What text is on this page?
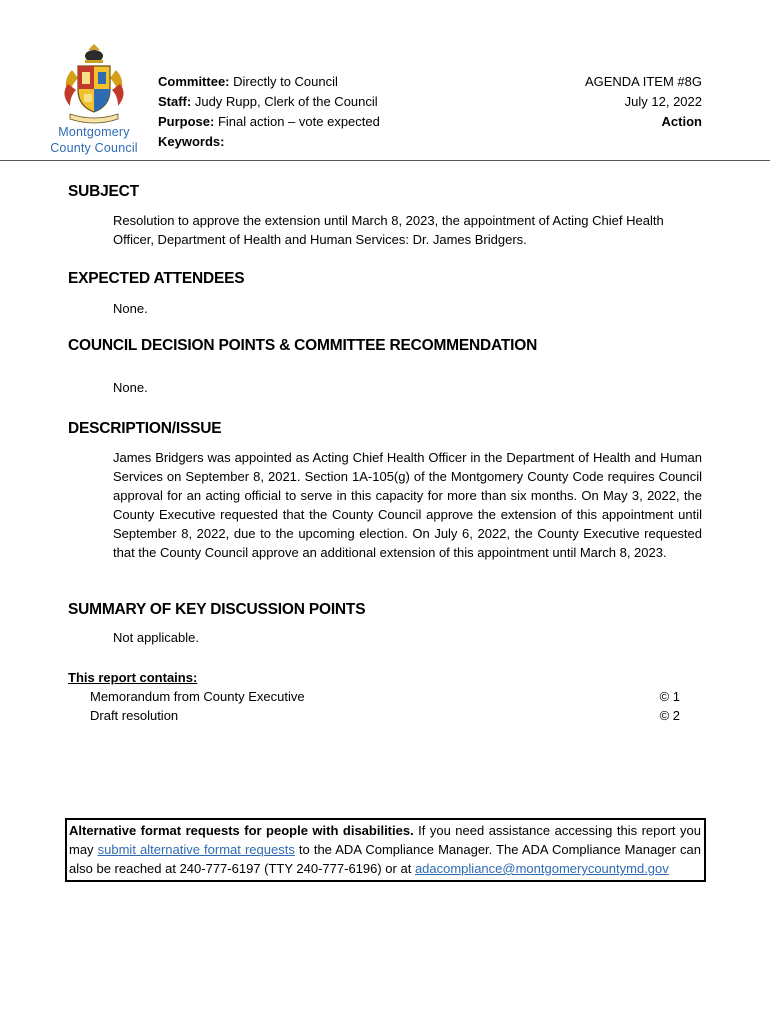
Montgomery
County Council
Committee: Directly to Council
Staff: Judy Rupp, Clerk of the Council
Purpose: Final action – vote expected
Keywords:
AGENDA ITEM #8G
July 12, 2022
Action
SUBJECT
Resolution to approve the extension until March 8, 2023, the appointment of Acting Chief Health Officer, Department of Health and Human Services: Dr. James Bridgers.
EXPECTED ATTENDEES
None.
COUNCIL DECISION POINTS & COMMITTEE RECOMMENDATION
None.
DESCRIPTION/ISSUE
James Bridgers was appointed as Acting Chief Health Officer in the Department of Health and Human Services on September 8, 2021. Section 1A-105(g) of the Montgomery County Code requires Council approval for an acting official to serve in this capacity for more than six months. On May 3, 2022, the County Executive requested that the County Council approve the extension of this appointment until September 8, 2022, due to the upcoming election. On July 6, 2022, the County Executive requested that the County Council approve an additional extension of this appointment until March 8, 2023.
SUMMARY OF KEY DISCUSSION POINTS
Not applicable.
This report contains:
Memorandum from County Executive	© 1
Draft resolution	© 2
Alternative format requests for people with disabilities. If you need assistance accessing this report you may submit alternative format requests to the ADA Compliance Manager. The ADA Compliance Manager can also be reached at 240-777-6197 (TTY 240-777-6196) or at adacompliance@montgomerycountymd.gov
